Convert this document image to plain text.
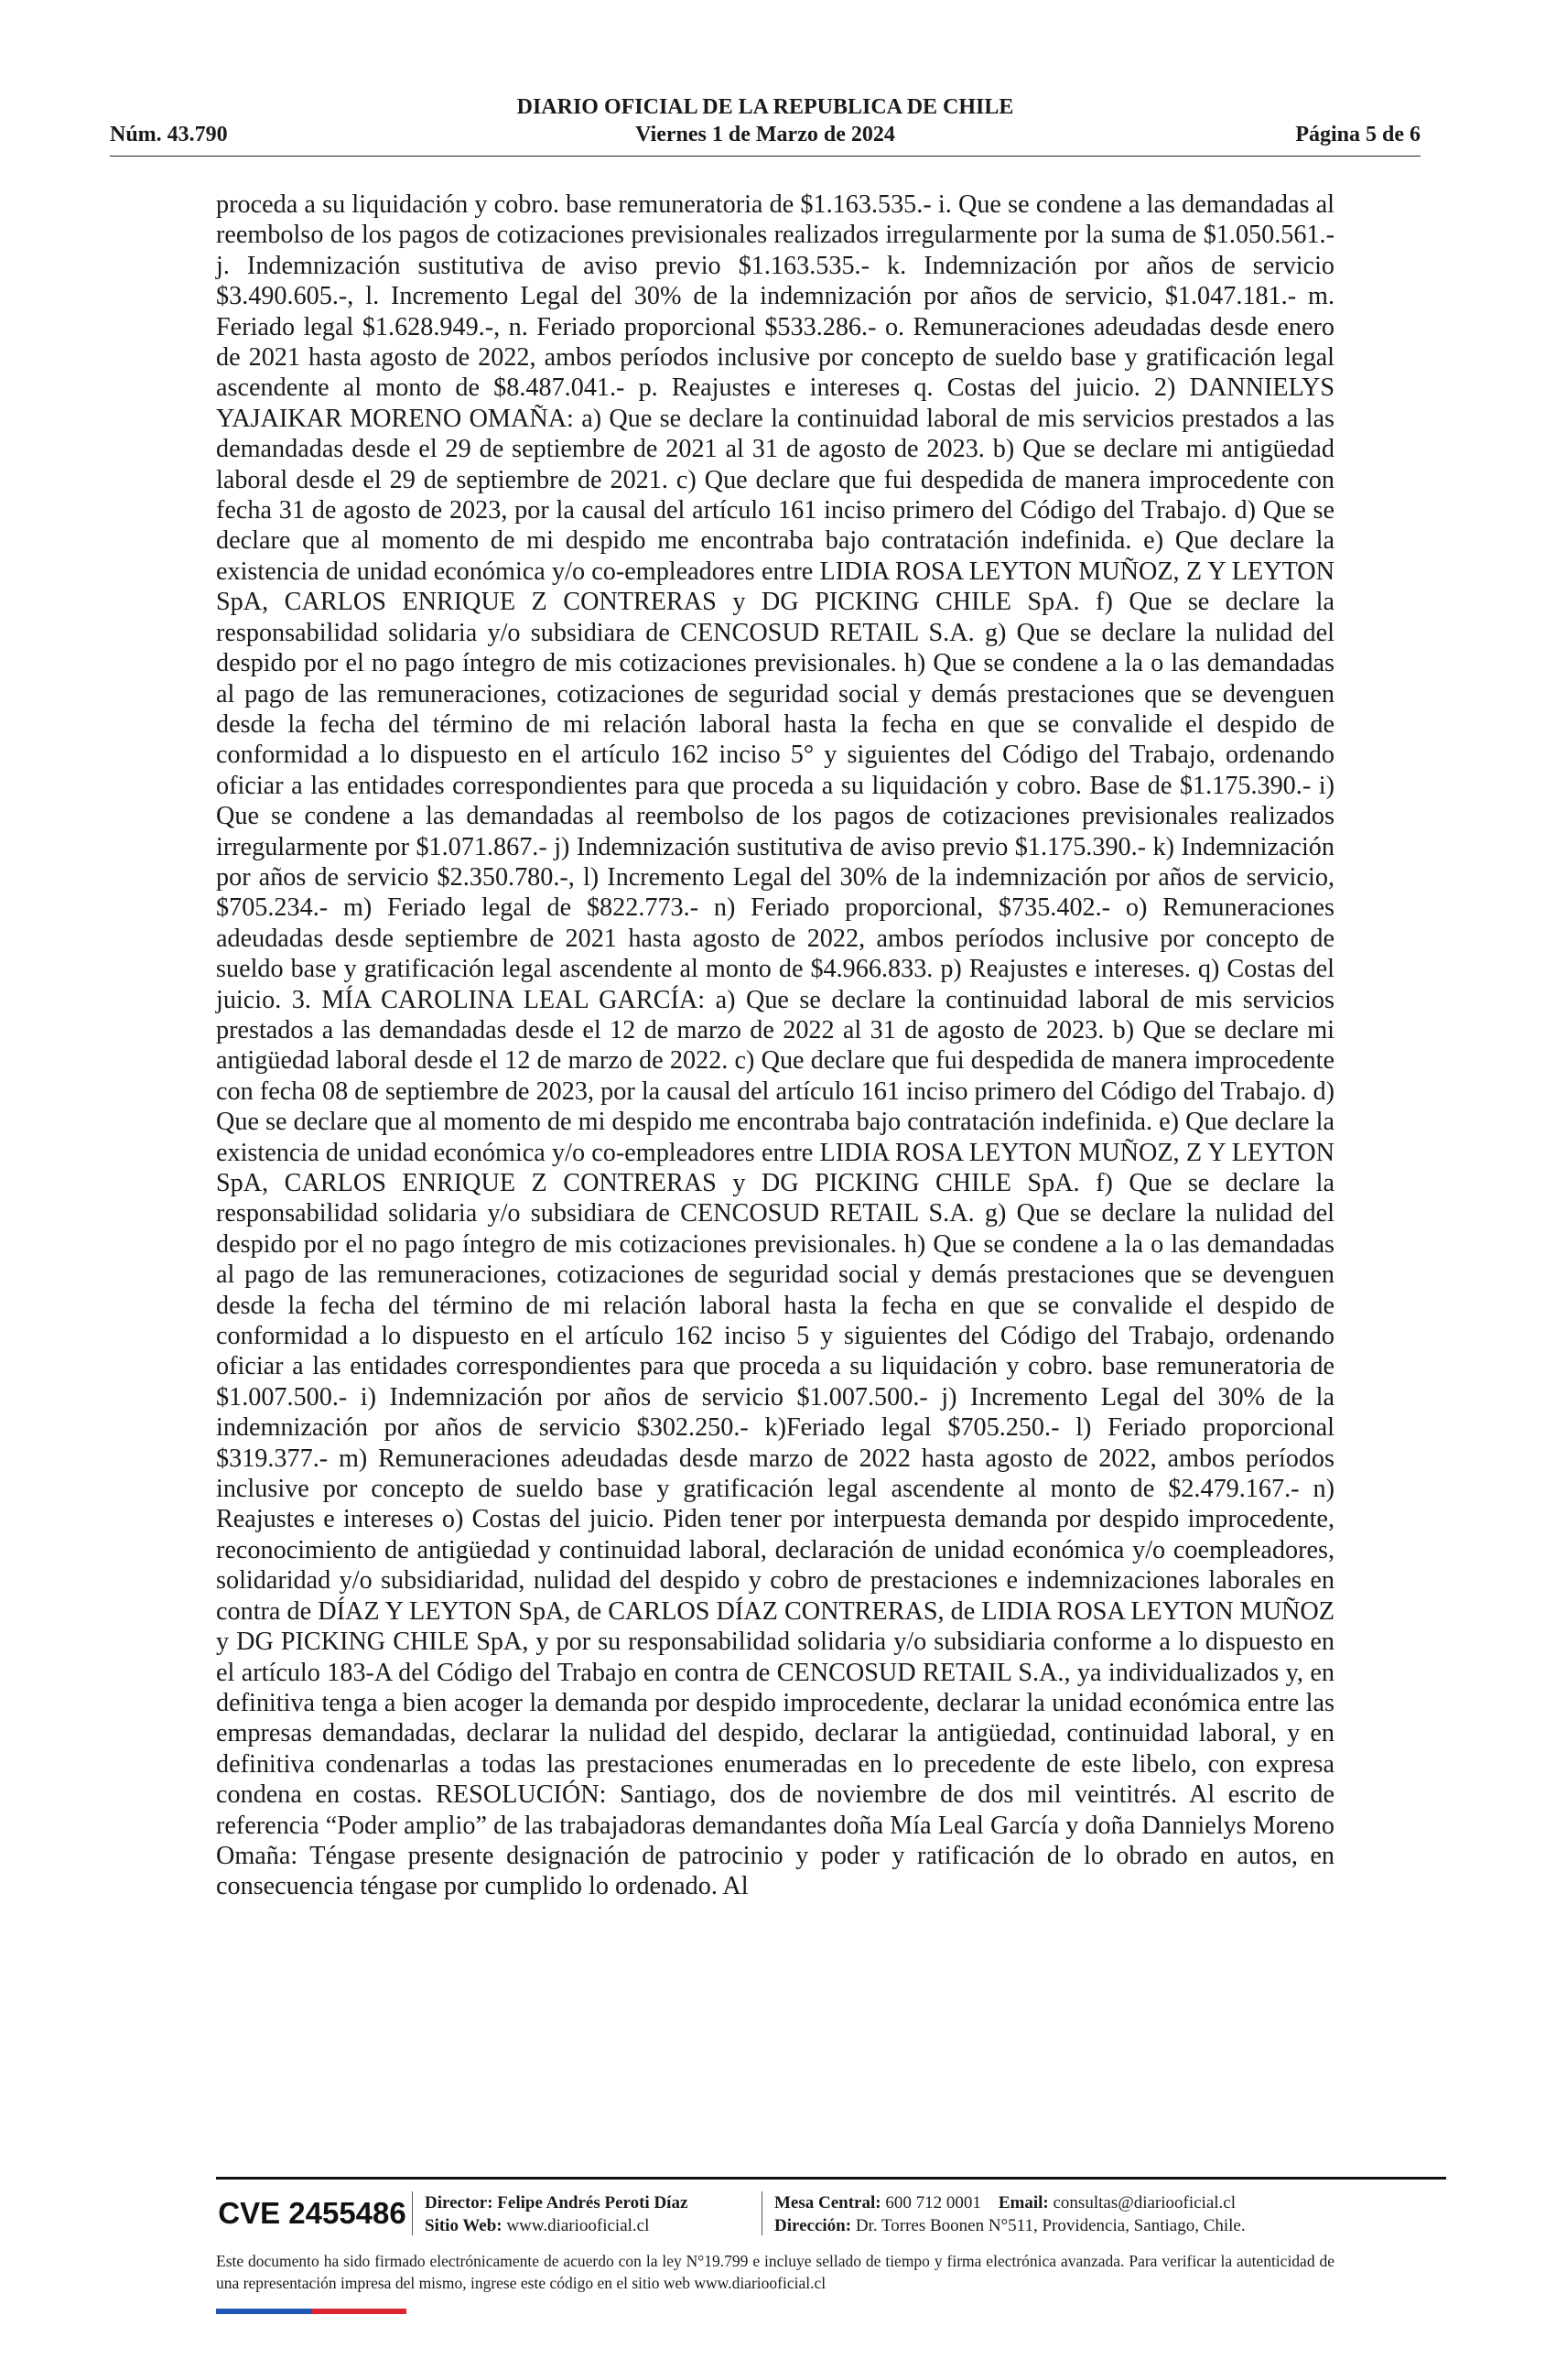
DIARIO OFICIAL DE LA REPUBLICA DE CHILE
Núm. 43.790	Viernes 1 de Marzo de 2024	Página 5 de 6
proceda a su liquidación y cobro. base remuneratoria de $1.163.535.- i. Que se condene a las demandadas al reembolso de los pagos de cotizaciones previsionales realizados irregularmente por la suma de $1.050.561.- j. Indemnización sustitutiva de aviso previo $1.163.535.- k. Indemnización por años de servicio $3.490.605.-, l. Incremento Legal del 30% de la indemnización por años de servicio, $1.047.181.- m. Feriado legal $1.628.949.-, n. Feriado proporcional $533.286.- o. Remuneraciones adeudadas desde enero de 2021 hasta agosto de 2022, ambos períodos inclusive por concepto de sueldo base y gratificación legal ascendente al monto de $8.487.041.- p. Reajustes e intereses q. Costas del juicio. 2) DANNIELYS YAJAIKAR MORENO OMAÑA: a) Que se declare la continuidad laboral de mis servicios prestados a las demandadas desde el 29 de septiembre de 2021 al 31 de agosto de 2023. b) Que se declare mi antigüedad laboral desde el 29 de septiembre de 2021. c) Que declare que fui despedida de manera improcedente con fecha 31 de agosto de 2023, por la causal del artículo 161 inciso primero del Código del Trabajo. d) Que se declare que al momento de mi despido me encontraba bajo contratación indefinida. e) Que declare la existencia de unidad económica y/o co-empleadores entre LIDIA ROSA LEYTON MUÑOZ, Z Y LEYTON SpA, CARLOS ENRIQUE Z CONTRERAS y DG PICKING CHILE SpA. f) Que se declare la responsabilidad solidaria y/o subsidiara de CENCOSUD RETAIL S.A. g) Que se declare la nulidad del despido por el no pago íntegro de mis cotizaciones previsionales. h) Que se condene a la o las demandadas al pago de las remuneraciones, cotizaciones de seguridad social y demás prestaciones que se devenguen desde la fecha del término de mi relación laboral hasta la fecha en que se convalide el despido de conformidad a lo dispuesto en el artículo 162 inciso 5° y siguientes del Código del Trabajo, ordenando oficiar a las entidades correspondientes para que proceda a su liquidación y cobro. Base de $1.175.390.- i) Que se condene a las demandadas al reembolso de los pagos de cotizaciones previsionales realizados irregularmente por $1.071.867.- j) Indemnización sustitutiva de aviso previo $1.175.390.- k) Indemnización por años de servicio $2.350.780.-, l) Incremento Legal del 30% de la indemnización por años de servicio, $705.234.- m) Feriado legal de $822.773.- n) Feriado proporcional, $735.402.- o) Remuneraciones adeudadas desde septiembre de 2021 hasta agosto de 2022, ambos períodos inclusive por concepto de sueldo base y gratificación legal ascendente al monto de $4.966.833. p) Reajustes e intereses. q) Costas del juicio. 3. MÍA CAROLINA LEAL GARCÍA: a) Que se declare la continuidad laboral de mis servicios prestados a las demandadas desde el 12 de marzo de 2022 al 31 de agosto de 2023. b) Que se declare mi antigüedad laboral desde el 12 de marzo de 2022. c) Que declare que fui despedida de manera improcedente con fecha 08 de septiembre de 2023, por la causal del artículo 161 inciso primero del Código del Trabajo. d) Que se declare que al momento de mi despido me encontraba bajo contratación indefinida. e) Que declare la existencia de unidad económica y/o co-empleadores entre LIDIA ROSA LEYTON MUÑOZ, Z Y LEYTON SpA, CARLOS ENRIQUE Z CONTRERAS y DG PICKING CHILE SpA. f) Que se declare la responsabilidad solidaria y/o subsidiara de CENCOSUD RETAIL S.A. g) Que se declare la nulidad del despido por el no pago íntegro de mis cotizaciones previsionales. h) Que se condene a la o las demandadas al pago de las remuneraciones, cotizaciones de seguridad social y demás prestaciones que se devenguen desde la fecha del término de mi relación laboral hasta la fecha en que se convalide el despido de conformidad a lo dispuesto en el artículo 162 inciso 5 y siguientes del Código del Trabajo, ordenando oficiar a las entidades correspondientes para que proceda a su liquidación y cobro. base remuneratoria de $1.007.500.- i) Indemnización por años de servicio $1.007.500.- j) Incremento Legal del 30% de la indemnización por años de servicio $302.250.- k)Feriado legal $705.250.- l) Feriado proporcional $319.377.- m) Remuneraciones adeudadas desde marzo de 2022 hasta agosto de 2022, ambos períodos inclusive por concepto de sueldo base y gratificación legal ascendente al monto de $2.479.167.- n) Reajustes e intereses o) Costas del juicio. Piden tener por interpuesta demanda por despido improcedente, reconocimiento de antigüedad y continuidad laboral, declaración de unidad económica y/o coempleadores, solidaridad y/o subsidiaridad, nulidad del despido y cobro de prestaciones e indemnizaciones laborales en contra de DÍAZ Y LEYTON SpA, de CARLOS DÍAZ CONTRERAS, de LIDIA ROSA LEYTON MUÑOZ y DG PICKING CHILE SpA, y por su responsabilidad solidaria y/o subsidiaria conforme a lo dispuesto en el artículo 183-A del Código del Trabajo en contra de CENCOSUD RETAIL S.A., ya individualizados y, en definitiva tenga a bien acoger la demanda por despido improcedente, declarar la unidad económica entre las empresas demandadas, declarar la nulidad del despido, declarar la antigüedad, continuidad laboral, y en definitiva condenarlas a todas las prestaciones enumeradas en lo precedente de este libelo, con expresa condena en costas. RESOLUCIÓN: Santiago, dos de noviembre de dos mil veintitrés. Al escrito de referencia “Poder amplio” de las trabajadoras demandantes doña Mía Leal García y doña Dannielys Moreno Omaña: Téngase presente designación de patrocinio y poder y ratificación de lo obrado en autos, en consecuencia téngase por cumplido lo ordenado. Al
CVE 2455486 Director: Felipe Andrés Peroti Díaz
Sitio Web: www.diariooficial.cl
Mesa Central: 600 712 0001 Email: consultas@diariooficial.cl
Dirección: Dr. Torres Boonen N°511, Providencia, Santiago, Chile.
Este documento ha sido firmado electrónicamente de acuerdo con la ley N°19.799 e incluye sellado de tiempo y firma electrónica avanzada. Para verificar la autenticidad de una representación impresa del mismo, ingrese este código en el sitio web www.diariooficial.cl
